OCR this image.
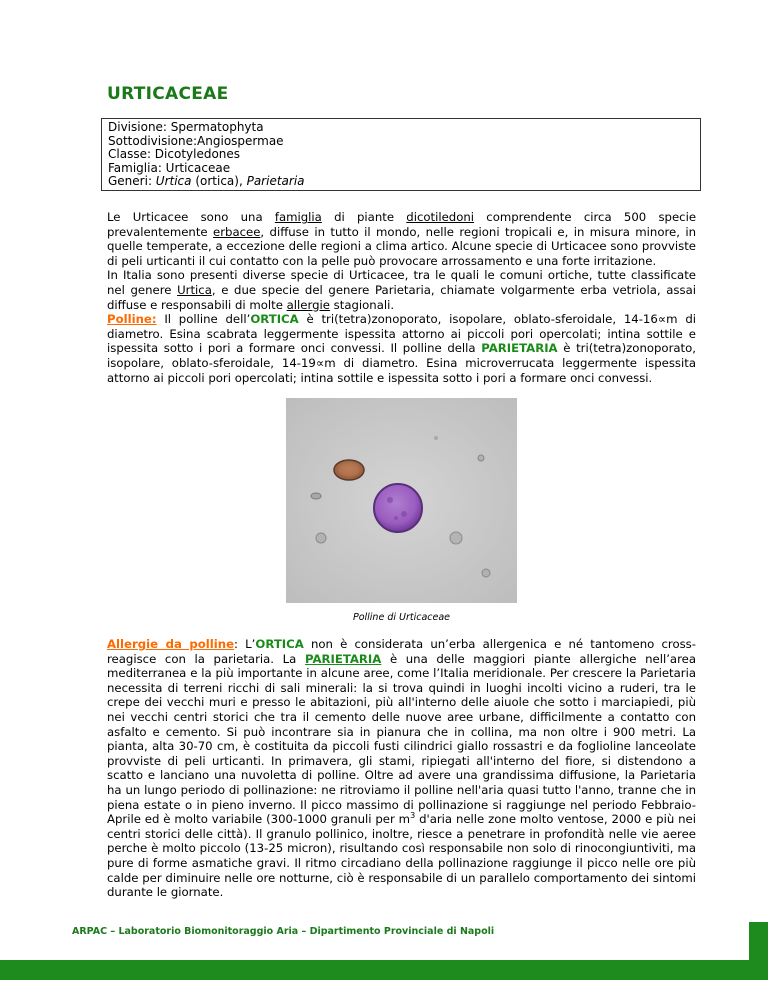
URTICACEAE
Divisione: Spermatophyta
Sottodivisione:Angiospermae
Classe: Dicotyledones
Famiglia: Urticaceae
Generi: Urtica (ortica), Parietaria

Le Urticacee sono una famiglia di piante dicotiledoni comprendente circa 500 specie prevalentemente erbacee, diffuse in tutto il mondo, nelle regioni tropicali e, in misura minore, in quelle temperate, a eccezione delle regioni a clima artico. Alcune specie di Urticacee sono provviste di peli urticanti il cui contatto con la pelle può provocare arrossamento e una forte irritazione.

In Italia sono presenti diverse specie di Urticacee, tra le quali le comuni ortiche, tutte classificate nel genere Urtica, e due specie del genere Parietaria, chiamate volgarmente erba vetriola, assai diffuse e responsabili di molte allergie stagionali.

Polline: Il polline dell’ORTICA è tri(tetra)zonoporato, isopolare, oblato-sferoidale, 14-16∝m di diametro. Esina scabrata leggermente ispessita attorno ai piccoli pori opercolati; intina sottile e ispessita sotto i pori a formare onci convessi. Il polline della PARIETARIA è tri(tetra)zonoporato, isopolare, oblato-sferoidale, 14-19∝m di diametro. Esina microverrucata leggermente ispessita attorno ai piccoli pori opercolati; intina sottile e ispessita sotto i pori a formare onci convessi.

Polline di Urticaceae

Allergie da polline: L’ORTICA non è considerata un’erba allergenica e né tantomeno cross-reagisce con la parietaria. La PARIETARIA è una delle maggiori piante allergiche nell’area mediterranea e la più importante in alcune aree, come l’Italia meridionale. Per crescere la Parietaria necessita di terreni ricchi di sali minerali: la si trova quindi in luoghi incolti vicino a ruderi, tra le crepe dei vecchi muri e presso le abitazioni, più all'interno delle aiuole che sotto i marciapiedi, più nei vecchi centri storici che tra il cemento delle nuove aree urbane, difficilmente a contatto con asfalto e cemento. Si può incontrare sia in pianura che in collina, ma non oltre i 900 metri. La pianta, alta 30-70 cm, è costituita da piccoli fusti cilindrici giallo rossastri e da foglioline lanceolate provviste di peli urticanti. In primavera, gli stami, ripiegati all'interno del fiore, si distendono a scatto e lanciano una nuvoletta di polline. Oltre ad avere una grandissima diffusione, la Parietaria ha un lungo periodo di pollinazione: ne ritroviamo il polline nell'aria quasi tutto l'anno, tranne che in piena estate o in pieno inverno. Il picco massimo di pollinazione si raggiunge nel periodo Febbraio-Aprile ed è molto variabile (300-1000 granuli per $m^3$ d'aria nelle zone molto ventose, 2000 e più nei centri storici delle città). Il granulo pollinico, inoltre, riesce a penetrare in profondità nelle vie aeree perche è molto piccolo (13-25 micron), risultando così responsabile non solo di rinocongiuntiviti, ma pure di forme asmatiche gravi. Il ritmo circadiano della pollinazione raggiunge il picco nelle ore più calde per diminuire nelle ore notturne, ciò è responsabile di un parallelo comportamento dei sintomi durante le giornate.

ARPAC – Laboratorio Biomonitoraggio Aria – Dipartimento Provinciale di Napoli
